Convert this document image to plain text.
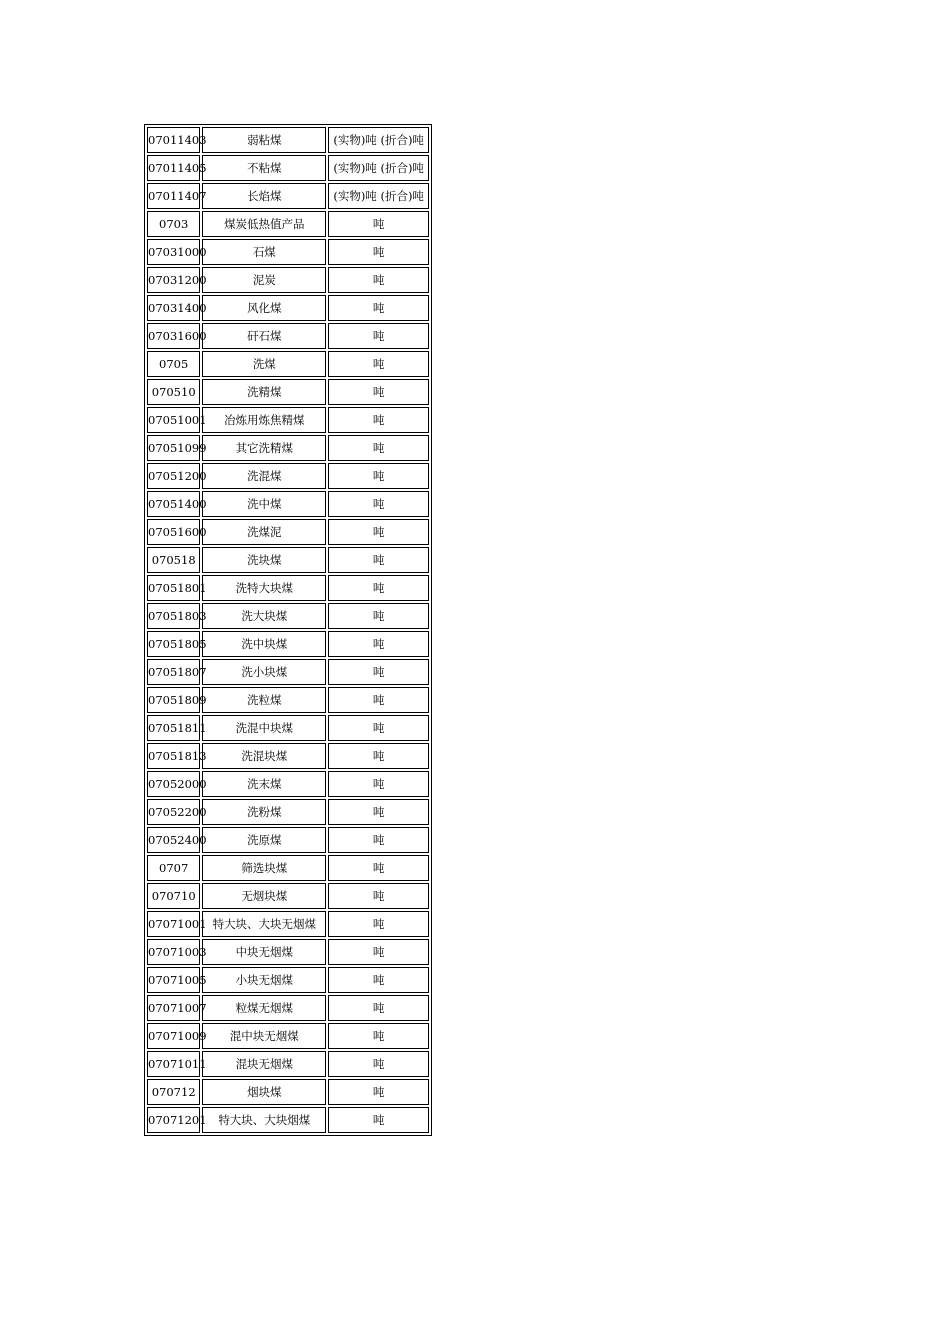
07011403	弱粘煤	(实物)吨 (折合)吨
07011405	不粘煤	(实物)吨 (折合)吨
07011407	长焰煤	(实物)吨 (折合)吨
0703	煤炭低热值产品	吨
07031000	石煤	吨
07031200	泥炭	吨
07031400	风化煤	吨
07031600	矸石煤	吨
0705	洗煤	吨
070510	洗精煤	吨
07051001	冶炼用炼焦精煤	吨
07051099	其它洗精煤	吨
07051200	洗混煤	吨
07051400	洗中煤	吨
07051600	洗煤泥	吨
070518	洗块煤	吨
07051801	洗特大块煤	吨
07051803	洗大块煤	吨
07051805	洗中块煤	吨
07051807	洗小块煤	吨
07051809	洗粒煤	吨
07051811	洗混中块煤	吨
07051813	洗混块煤	吨
07052000	洗末煤	吨
07052200	洗粉煤	吨
07052400	洗原煤	吨
0707	筛选块煤	吨
070710	无烟块煤	吨
07071001	特大块、大块无烟煤	吨
07071003	中块无烟煤	吨
07071005	小块无烟煤	吨
07071007	粒煤无烟煤	吨
07071009	混中块无烟煤	吨
07071011	混块无烟煤	吨
070712	烟块煤	吨
07071201	特大块、大块烟煤	吨
